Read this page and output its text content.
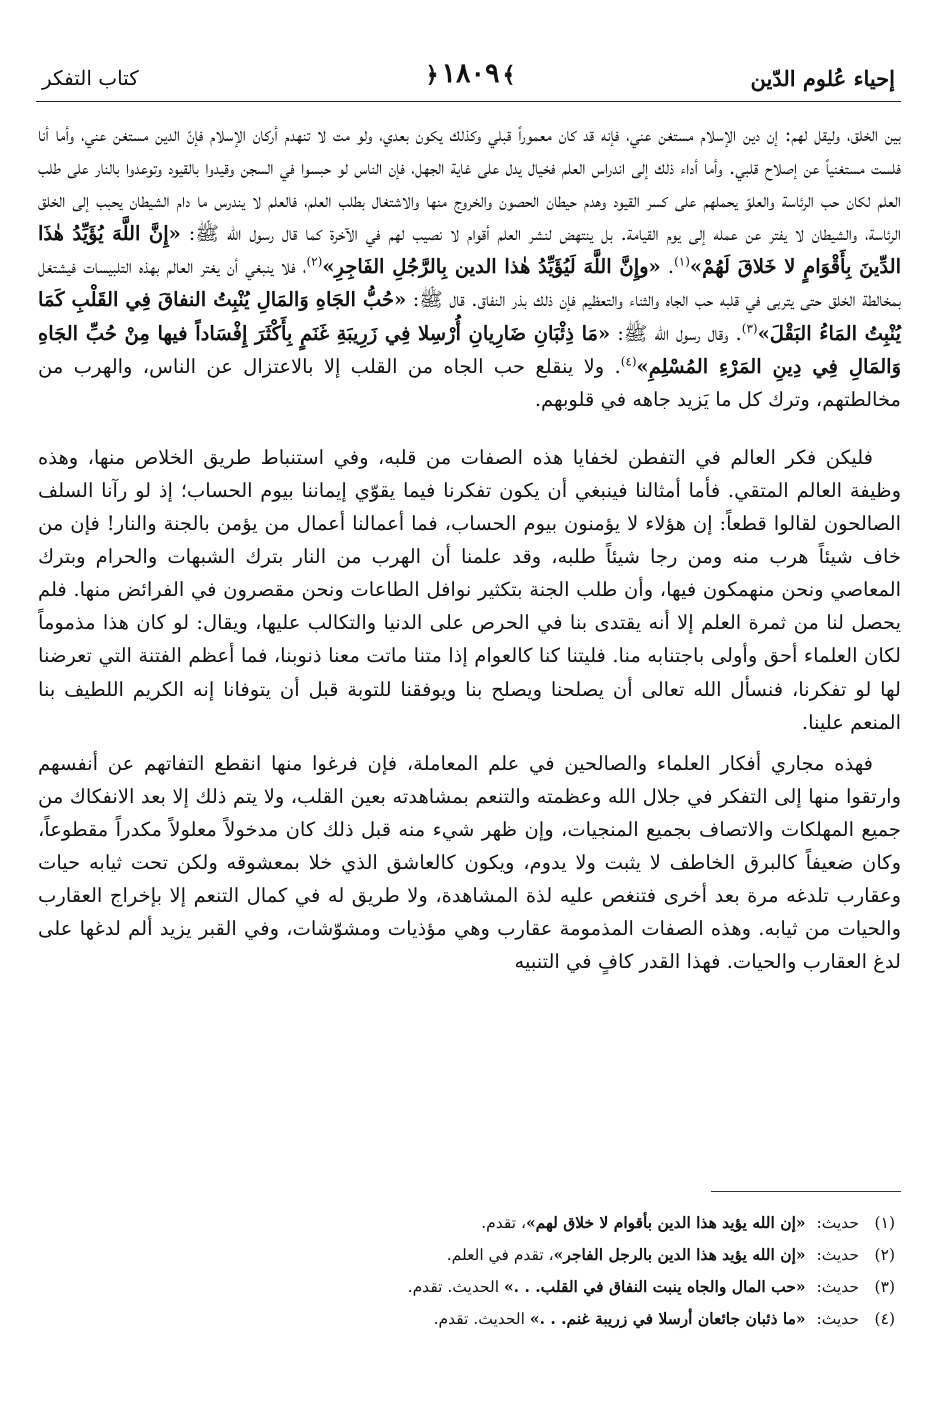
إحياء عُلوم الدّين
﴾١٨٠٩﴿
كتاب التفكر

بين الخلق، وليقل لهم: إن دين الإسلام مستغن عني، فإنه قد كان معموراً قبلي وكذلك يكون بعدي، ولو مت لا تنهدم أركان الإسلام فإنّ الدين مستغن عني، وأما أنا فلست مستغنياً عن إصلاح قلبي. وأما أداء ذلك إلى اندراس العلم فخيال يدل على غاية الجهل، فإن الناس لو حبسوا في السجن وقيدوا بالقيود وتوعدوا بالنار على طلب العلم لكان حب الرئاسة والعلوّ يحملهم على كسر القيود وهدم حيطان الحصون والخروج منها والاشتغال بطلب العلم، فالعلم لا يندرس ما دام الشيطان يحبب إلى الخلق الرئاسة، والشيطان لا يفتر عن عمله إلى يوم القيامة. بل ينتهض لنشر العلم أقوام لا نصيب لهم في الآخرة كما قال رسول الله ﷺ: «إِنَّ اللَّهَ يُؤَيِّدُ هٰذَا الدِّينَ بِأَقْوَامٍ لا خَلاقَ لَهُمْ»$^{(١)}$. «وإِنَّ اللَّهَ لَيُؤَيِّدُ هٰذا الدين بِالرَّجُلِ الفَاجِرِ»$^{(٢)}$، فلا ينبغي أن يغتر العالم بهذه التلبيسات فيشتغل بمخالطة الخلق حتى يتربى في قلبه حب الجاه والثناء والتعظيم فإن ذلك بذر النفاق. قال ﷺ: «حُبُّ الجَاهِ وَالمَالِ يُنْبِتُ النفاقَ فِي القَلْبِ كَمَا يُنْبِتُ المَاءُ البَقْلَ»$^{(٣)}$. وقال رسول الله ﷺ: «مَا ذِئْبَانِ ضَارِيانِ أُرْسِلا فِي زَرِيبَةِ غَنَمٍ بِأَكْثَرَ إِفْسَاداً فيها مِنْ حُبِّ الجَاهِ وَالمَالِ فِي دِينِ المَرْءِ المُسْلِمِ»$^{(٤)}$. ولا ينقلع حب الجاه من القلب إلا بالاعتزال عن الناس، والهرب من مخالطتهم، وترك كل ما يَزيد جاهه في قلوبهم.

فليكن فكر العالم في التفطن لخفايا هذه الصفات من قلبه، وفي استنباط طريق الخلاص منها، وهذه وظيفة العالم المتقي. فأما أمثالنا فينبغي أن يكون تفكرنا فيما يقوّي إيماننا بيوم الحساب؛ إذ لو رآنا السلف الصالحون لقالوا قطعاً: إن هؤلاء لا يؤمنون بيوم الحساب، فما أعمالنا أعمال من يؤمن بالجنة والنار! فإن من خاف شيئاً هرب منه ومن رجا شيئاً طلبه، وقد علمنا أن الهرب من النار بترك الشبهات والحرام وبترك المعاصي ونحن منهمكون فيها، وأن طلب الجنة بتكثير نوافل الطاعات ونحن مقصرون في الفرائض منها. فلم يحصل لنا من ثمرة العلم إلا أنه يقتدى بنا في الحرص على الدنيا والتكالب عليها، ويقال: لو كان هذا مذموماً لكان العلماء أحق وأولى باجتنابه منا. فليتنا كنا كالعوام إذا متنا ماتت معنا ذنوبنا، فما أعظم الفتنة التي تعرضنا لها لو تفكرنا، فنسأل الله تعالى أن يصلحنا ويصلح بنا ويوفقنا للتوبة قبل أن يتوفانا إنه الكريم اللطيف بنا المنعم علينا.

فهذه مجاري أفكار العلماء والصالحين في علم المعاملة، فإن فرغوا منها انقطع التفاتهم عن أنفسهم وارتقوا منها إلى التفكر في جلال الله وعظمته والتنعم بمشاهدته بعين القلب، ولا يتم ذلك إلا بعد الانفكاك من جميع المهلكات والاتصاف بجميع المنجيات، وإن ظهر شيء منه قبل ذلك كان مدخولاً معلولاً مكدراً مقطوعاً، وكان ضعيفاً كالبرق الخاطف لا يثبت ولا يدوم، ويكون كالعاشق الذي خلا بمعشوقه ولكن تحت ثيابه حيات وعقارب تلدغه مرة بعد أخرى فتنغص عليه لذة المشاهدة، ولا طريق له في كمال التنعم إلا بإخراج العقارب والحيات من ثيابه. وهذه الصفات المذمومة عقارب وهي مؤذيات ومشوّشات، وفي القبر يزيد ألم لدغها على لدغ العقارب والحيات. فهذا القدر كافٍ في التنبيه

(١)حديث: «إن الله يؤيد هذا الدين بأقوام لا خلاق لهم»، تقدم.
(٢)حديث: «إن الله يؤيد هذا الدين بالرجل الفاجر»، تقدم في العلم.
(٣)حديث: «حب المال والجاه ينبت النفاق في القلب. . .» الحديث. تقدم.
(٤)حديث: «ما ذئبان جائعان أرسلا في زريبة غنم. . .» الحديث. تقدم.
